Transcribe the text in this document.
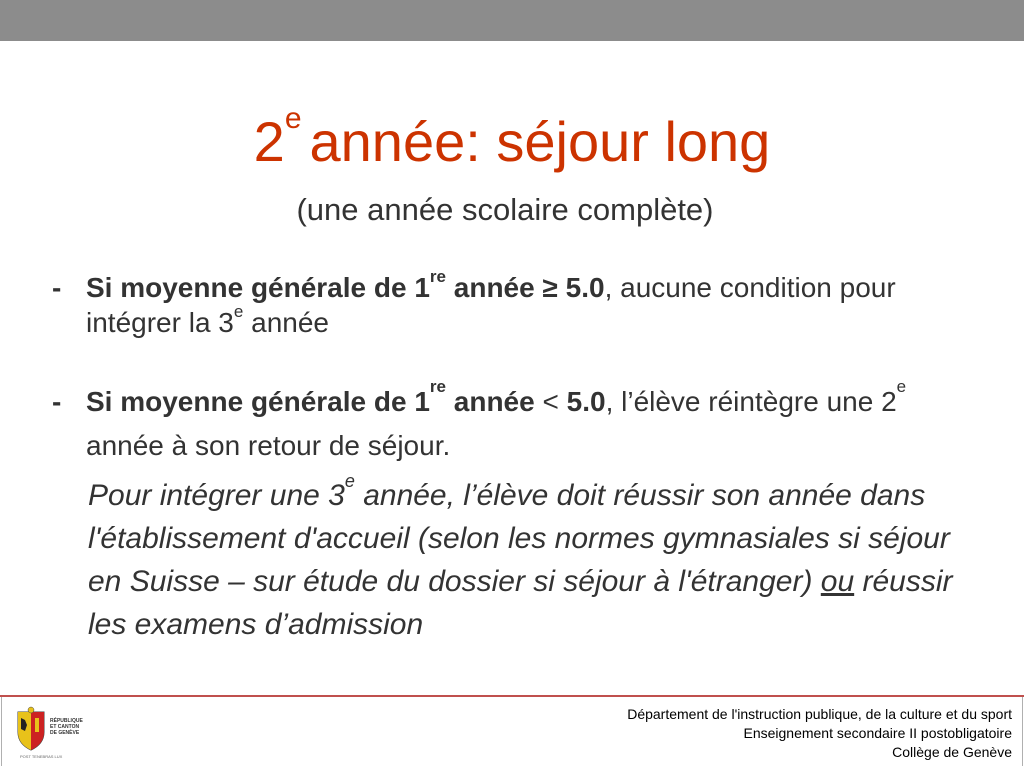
2e année: séjour long
(une année scolaire complète)
- Si moyenne générale de 1re année ≥ 5.0, aucune condition pour intégrer la 3e année
- Si moyenne générale de 1re année < 5.0, l’élève réintègre une 2e année à son retour de séjour.
Pour intégrer une 3e année, l’élève doit réussir son année dans l'établissement d'accueil (selon les normes gymnasiales si séjour en Suisse – sur étude du dossier si séjour à l'étranger) ou réussir les examens d’admission
RÉPUBLIQUE
ET CANTON
DE GENÈVE
POST TENEBRAS LUX
Département de l'instruction publique, de la culture et du sport
Enseignement secondaire II postobligatoire
Collège de Genève
